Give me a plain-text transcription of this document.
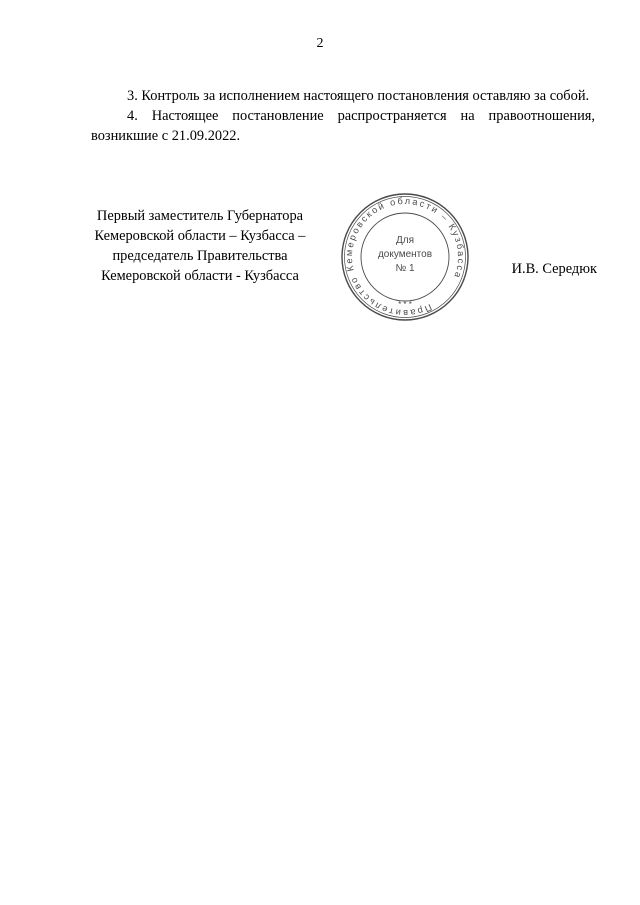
2

3. Контроль за исполнением настоящего постановления оставляю за собой.

4. Настоящее постановление распространяется на правоотношения, возникшие с 21.09.2022.

Первый заместитель Губернатора
Кемеровской области – Кузбасса –
председатель Правительства
Кемеровской области - Кузбасса
Правительство Кемеровской области – Кузбасса
* * *
Для
документов
№ 1	И.В. Середюк
